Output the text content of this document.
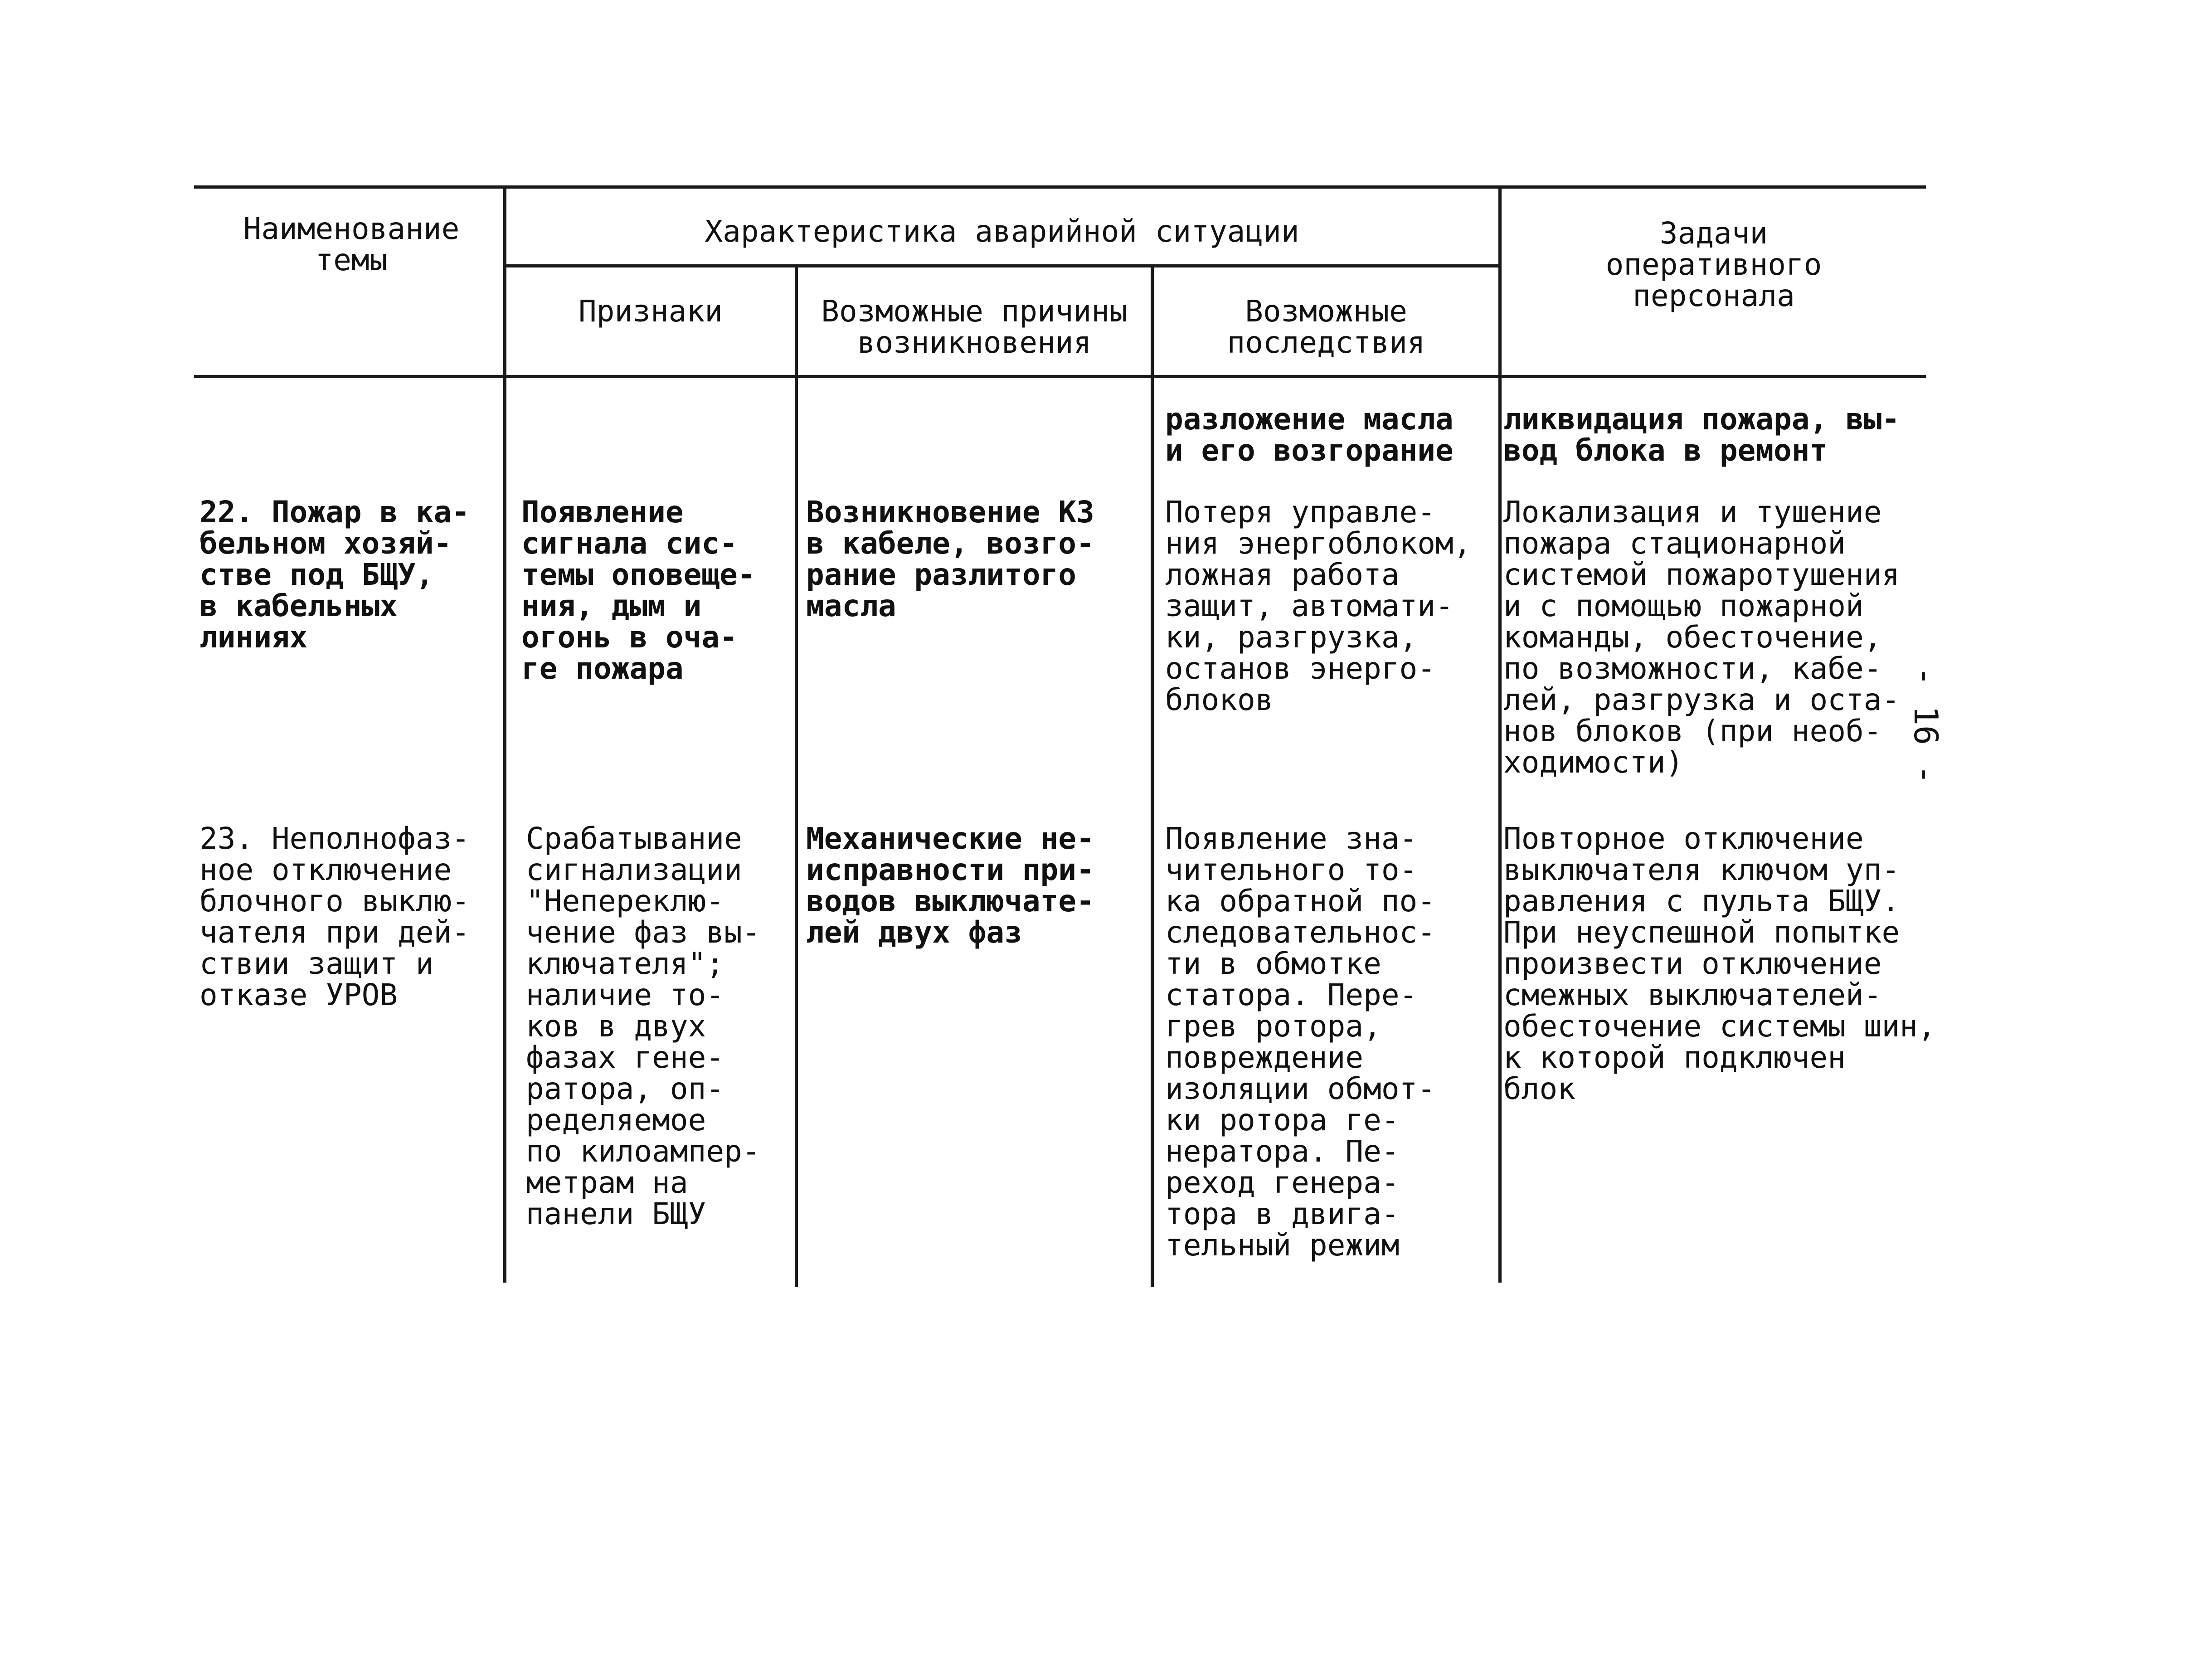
Наименование
темы
Характеристика аварийной ситуации
Признаки	Возможные причины
возникновения
Возможные
последствия
Задачи
оперативного
персонала
разложение масла
и его возгорание
ликвидация пожара, вы-
вод блока в ремонт
22. Пожар в ка-
бельном хозяй-
стве под БЩУ,
в кабельных
линиях
Появление
сигнала сис-
темы оповеще-
ния, дым и
огонь в оча-
ге пожара
Возникновение КЗ
в кабеле, возго-
рание разлитого
масла
Потеря управле-
ния энергоблоком,
ложная работа
защит, автомати-
ки, разгрузка,
останов энерго-
блоков
Локализация и тушение
пожара стационарной
системой пожаротушения
и с помощью пожарной
команды, обесточение,
по возможности, кабе-
лей, разгрузка и оста-
нов блоков (при необ-
ходимости)
23. Неполнофаз-
ное отключение
блочного выклю-
чателя при дей-
ствии защит и
отказе УРОВ
Срабатывание
сигнализации
"Непереклю-
чение фаз вы-
ключателя";
наличие то-
ков в двух
фазах гене-
ратора, оп-
ределяемое
по килоампер-
метрам на
панели БЩУ
Механические не-
исправности при-
водов выключате-
лей двух фаз
Появление зна-
чительного то-
ка обратной по-
следовательнос-
ти в обмотке
статора. Пере-
грев ротора,
повреждение
изоляции обмот-
ки ротора ге-
нератора. Пе-
реход генера-
тора в двига-
тельный режим
Повторное отключение
выключателя ключом уп-
равления с пульта БЩУ.
При неуспешной попытке
произвести отключение
смежных выключателей-
обесточение системы шин,
к которой подключен
блок
- 16 -
